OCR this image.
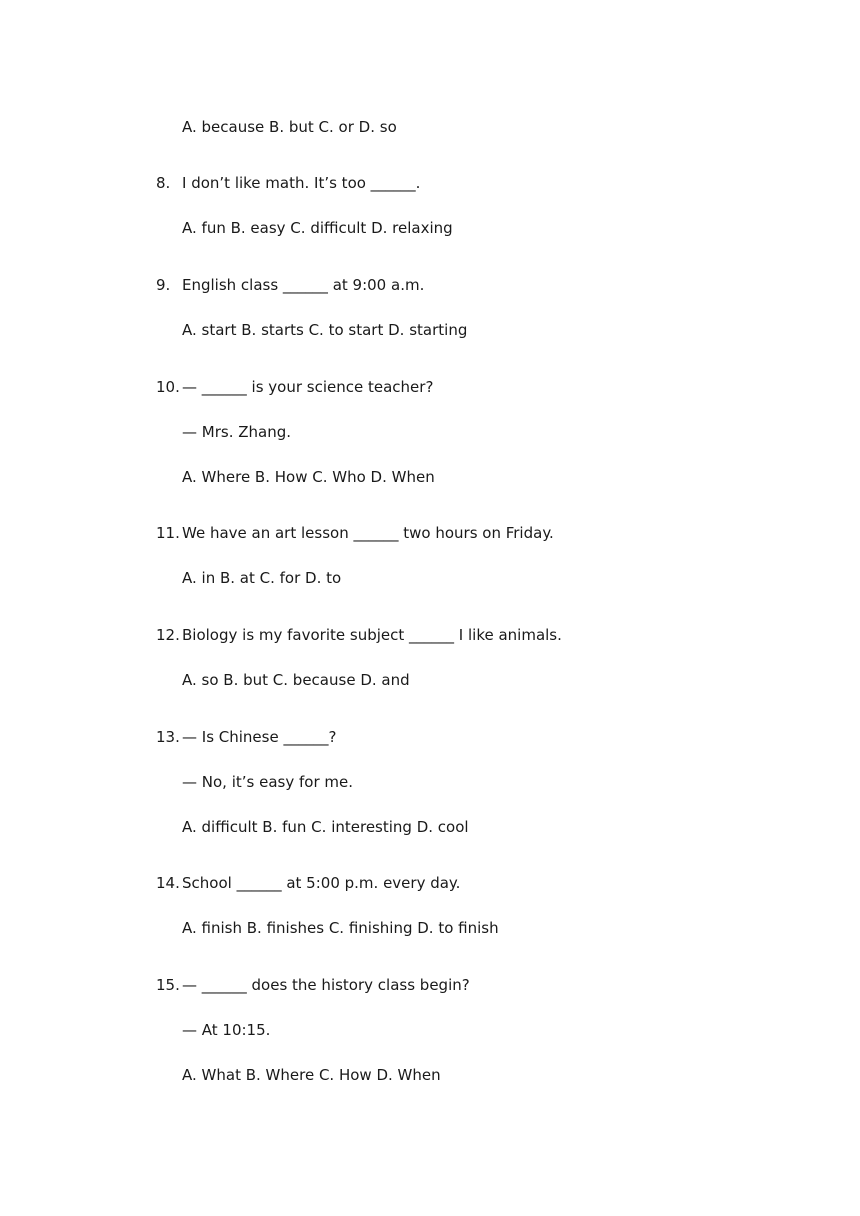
A. because B. but C. or D. so
8. I don’t like math. It’s too ______.
A. fun B. easy C. difficult D. relaxing
9. English class ______ at 9:00 a.m.
A. start B. starts C. to start D. starting
10. — ______ is your science teacher?
— Mrs. Zhang.
A. Where B. How C. Who D. When
11. We have an art lesson ______ two hours on Friday.
A. in B. at C. for D. to
12. Biology is my favorite subject ______ I like animals.
A. so B. but C. because D. and
13. — Is Chinese ______?
— No, it’s easy for me.
A. difficult B. fun C. interesting D. cool
14. School ______ at 5:00 p.m. every day.
A. finish B. finishes C. finishing D. to finish
15. — ______ does the history class begin?
— At 10:15.
A. What B. Where C. How D. When
